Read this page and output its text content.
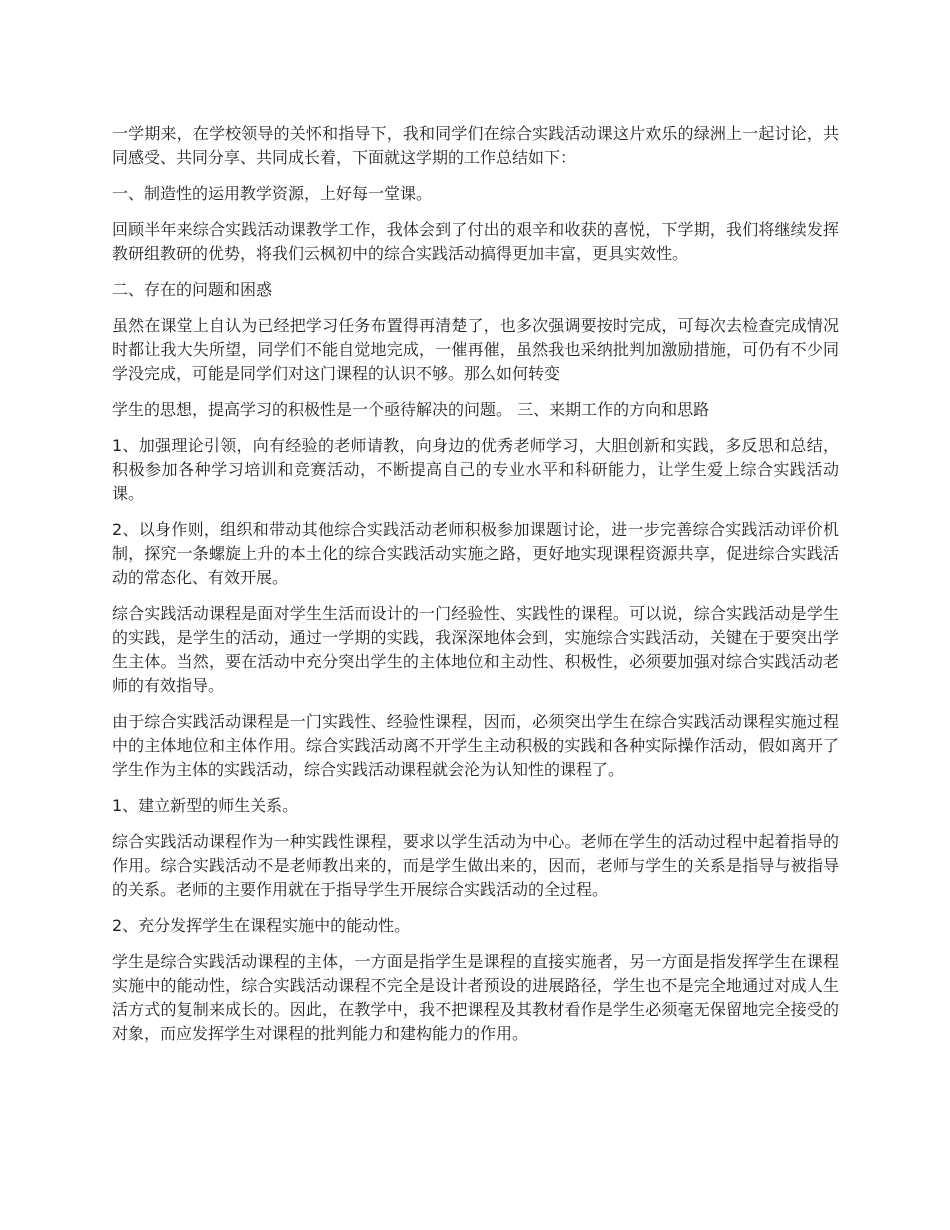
一学期来，在学校领导的关怀和指导下，我和同学们在综合实践活动课这片欢乐的绿洲上一起讨论，共同感受、共同分享、共同成长着，下面就这学期的工作总结如下：

一、制造性的运用教学资源，上好每一堂课。

回顾半年来综合实践活动课教学工作，我体会到了付出的艰辛和收获的喜悦，下学期，我们将继续发挥教研组教研的优势，将我们云枫初中的综合实践活动搞得更加丰富，更具实效性。

二、存在的问题和困惑

虽然在课堂上自认为已经把学习任务布置得再清楚了，也多次强调要按时完成，可每次去检查完成情况时都让我大失所望，同学们不能自觉地完成，一催再催，虽然我也采纳批判加激励措施，可仍有不少同学没完成，可能是同学们对这门课程的认识不够。那么如何转变

学生的思想，提高学习的积极性是一个亟待解决的问题。 三、来期工作的方向和思路

1、加强理论引领，向有经验的老师请教，向身边的优秀老师学习，大胆创新和实践，多反思和总结，积极参加各种学习培训和竞赛活动，不断提高自己的专业水平和科研能力，让学生爱上综合实践活动课。

2、以身作则，组织和带动其他综合实践活动老师积极参加课题讨论，进一步完善综合实践活动评价机制，探究一条螺旋上升的本土化的综合实践活动实施之路，更好地实现课程资源共享，促进综合实践活动的常态化、有效开展。

综合实践活动课程是面对学生生活而设计的一门经验性、实践性的课程。可以说，综合实践活动是学生的实践，是学生的活动，通过一学期的实践，我深深地体会到，实施综合实践活动，关键在于要突出学生主体。当然，要在活动中充分突出学生的主体地位和主动性、积极性，必须要加强对综合实践活动老师的有效指导。

由于综合实践活动课程是一门实践性、经验性课程，因而，必须突出学生在综合实践活动课程实施过程中的主体地位和主体作用。综合实践活动离不开学生主动积极的实践和各种实际操作活动，假如离开了学生作为主体的实践活动，综合实践活动课程就会沦为认知性的课程了。

1、建立新型的师生关系。

综合实践活动课程作为一种实践性课程，要求以学生活动为中心。老师在学生的活动过程中起着指导的作用。综合实践活动不是老师教出来的，而是学生做出来的，因而，老师与学生的关系是指导与被指导的关系。老师的主要作用就在于指导学生开展综合实践活动的全过程。

2、充分发挥学生在课程实施中的能动性。

学生是综合实践活动课程的主体，一方面是指学生是课程的直接实施者，另一方面是指发挥学生在课程实施中的能动性，综合实践活动课程不完全是设计者预设的进展路径，学生也不是完全地通过对成人生活方式的复制来成长的。因此，在教学中，我不把课程及其教材看作是学生必须毫无保留地完全接受的对象，而应发挥学生对课程的批判能力和建构能力的作用。
